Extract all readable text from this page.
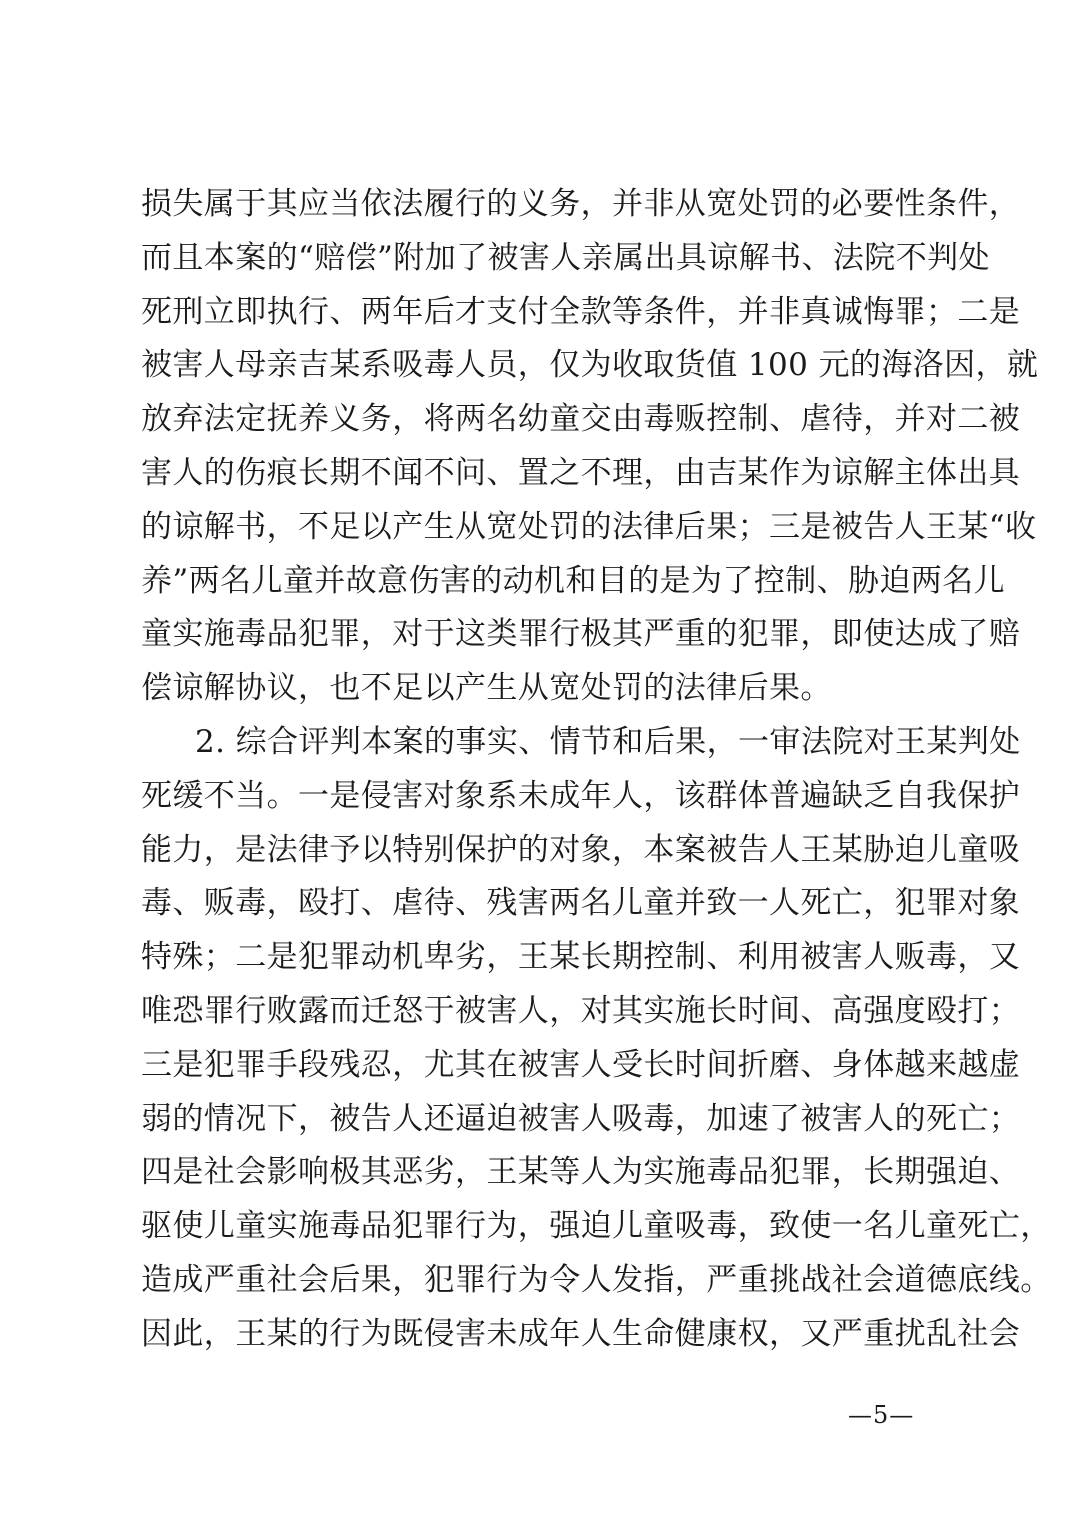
损失属于其应当依法履行的义务，并非从宽处罚的必要性条件，
而且本案的“赔偿”附加了被害人亲属出具谅解书、法院不判处
死刑立即执行、两年后才支付全款等条件，并非真诚悔罪；二是
被害人母亲吉某系吸毒人员，仅为收取货值 100 元的海洛因，就
放弃法定抚养义务，将两名幼童交由毒贩控制、虐待，并对二被
害人的伤痕长期不闻不问、置之不理，由吉某作为谅解主体出具
的谅解书，不足以产生从宽处罚的法律后果；三是被告人王某“收
养”两名儿童并故意伤害的动机和目的是为了控制、胁迫两名儿
童实施毒品犯罪，对于这类罪行极其严重的犯罪，即使达成了赔
偿谅解协议，也不足以产生从宽处罚的法律后果。
2. 综合评判本案的事实、情节和后果，一审法院对王某判处
死缓不当。一是侵害对象系未成年人，该群体普遍缺乏自我保护
能力，是法律予以特别保护的对象，本案被告人王某胁迫儿童吸
毒、贩毒，殴打、虐待、残害两名儿童并致一人死亡，犯罪对象
特殊；二是犯罪动机卑劣，王某长期控制、利用被害人贩毒，又
唯恐罪行败露而迁怒于被害人，对其实施长时间、高强度殴打；
三是犯罪手段残忍，尤其在被害人受长时间折磨、身体越来越虚
弱的情况下，被告人还逼迫被害人吸毒，加速了被害人的死亡；
四是社会影响极其恶劣，王某等人为实施毒品犯罪，长期强迫、
驱使儿童实施毒品犯罪行为，强迫儿童吸毒，致使一名儿童死亡，
造成严重社会后果，犯罪行为令人发指，严重挑战社会道德底线。
因此，王某的行为既侵害未成年人生命健康权，又严重扰乱社会
—5—
